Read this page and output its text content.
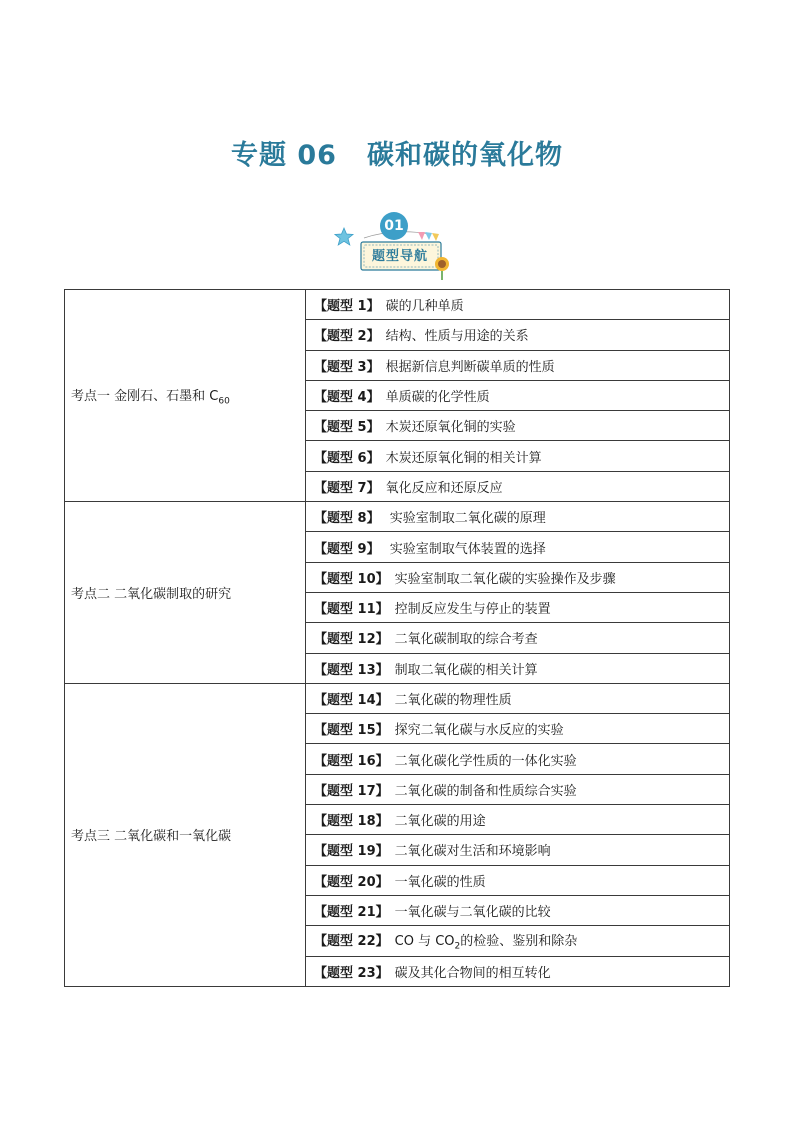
专题 06 碳和碳的氧化物
01
题型导航
考点一 金刚石、石墨和 $C_{60}$	【题型 1】 碳的几种单质
	【题型 2】 结构、性质与用途的关系
	【题型 3】 根据新信息判断碳单质的性质
	【题型 4】 单质碳的化学性质
	【题型 5】 木炭还原氧化铜的实验
	【题型 6】 木炭还原氧化铜的相关计算
	【题型 7】 氧化反应和还原反应
考点二 二氧化碳制取的研究	【题型 8】 实验室制取二氧化碳的原理
	【题型 9】 实验室制取气体装置的选择
	【题型 10】 实验室制取二氧化碳的实验操作及步骤
	【题型 11】 控制反应发生与停止的装置
	【题型 12】 二氧化碳制取的综合考查
	【题型 13】 制取二氧化碳的相关计算
考点三 二氧化碳和一氧化碳	【题型 14】 二氧化碳的物理性质
	【题型 15】 探究二氧化碳与水反应的实验
	【题型 16】 二氧化碳化学性质的一体化实验
	【题型 17】 二氧化碳的制备和性质综合实验
	【题型 18】 二氧化碳的用途
	【题型 19】 二氧化碳对生活和环境影响
	【题型 20】 一氧化碳的性质
	【题型 21】 一氧化碳与二氧化碳的比较
	【题型 22】 CO 与 $CO_2$的检验、鉴别和除杂
	【题型 23】 碳及其化合物间的相互转化
